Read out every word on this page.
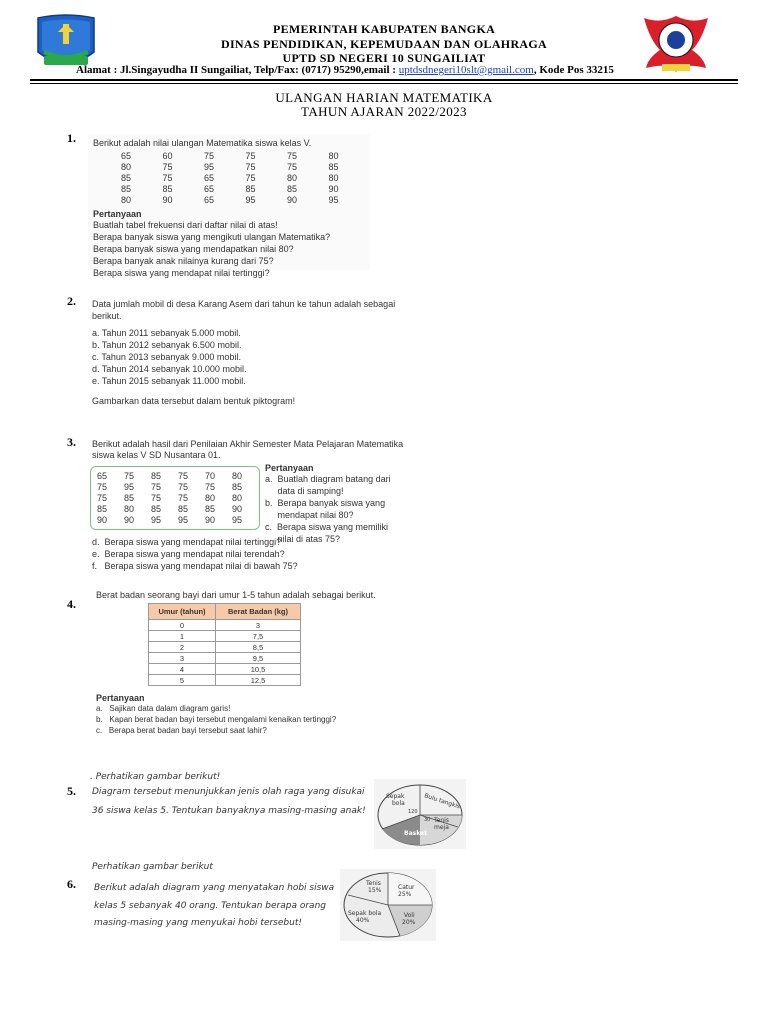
PEMERINTAH KABUPATEN BANGKA
DINAS PENDIDIKAN, KEPEMUDAAN DAN OLAHRAGA
UPTD SD NEGERI 10 SUNGAILIAT
Alamat : Jl.Singayudha II Sungailiat, Telp/Fax: (0717) 95290,email : uptdsdnegeri10slt@gmail.com, Kode Pos 33215
ULANGAN HARIAN MATEMATIKA
TAHUN AJARAN 2022/2023
1. Berikut adalah nilai ulangan Matematika siswa kelas V.
65	60	75	75	75	80
80	75	95	75	75	85
85	75	65	75	80	80
85	85	65	85	85	90
80	90	65	95	90	95
Pertanyaan
Buatlah tabel frekuensi dari daftar nilai di atas!
Berapa banyak siswa yang mengikuti ulangan Matematika?
Berapa banyak siswa yang mendapatkan nilai 80?
Berapa banyak anak nilainya kurang dari 75?
Berapa siswa yang mendapat nilai tertinggi?
2. Data jumlah mobil di desa Karang Asem dari tahun ke tahun adalah sebagai
berikut.
a. Tahun 2011 sebanyak 5.000 mobil.
b. Tahun 2012 sebanyak 6.500 mobil.
c. Tahun 2013 sebanyak 9.000 mobil.
d. Tahun 2014 sebanyak 10.000 mobil.
e. Tahun 2015 sebanyak 11.000 mobil.
Gambarkan data tersebut dalam bentuk piktogram!
3. Berikut adalah hasil dari Penilaian Akhir Semester Mata Pelajaran Matematika
siswa kelas V SD Nusantara 01.
65	75	85	75	70	80
75	95	75	75	75	85
75	85	75	75	80	80
85	80	85	85	85	90
90	90	95	95	90	95
Pertanyaan
a.  Buatlah diagram batang dari
data di samping!
b.  Berapa banyak siswa yang
mendapat nilai 80?
c.  Berapa siswa yang memiliki
nilai di atas 75?
d.  Berapa siswa yang mendapat nilai tertinggi?
e.  Berapa siswa yang mendapat nilai terendah?
f.   Berapa siswa yang mendapat nilai di bawah 75?
4.
Berat badan seorang bayi dari umur 1-5 tahun adalah sebagai berikut.
Umur (tahun)	Berat Badan (kg)
0	3
1	7,5
2	8,5
3	9,5
4	10,5
5	12,5
Pertanyaan
a.   Sajikan data dalam diagram garis!
b.   Kapan berat badan bayi tersebut mengalami kenaikan tertinggi?
c.   Berapa berat badan bayi tersebut saat lahir?
. Perhatikan gambar berikut!
5. Diagram tersebut menunjukkan jenis olah raga yang disukai
36 siswa kelas 5. Tentukan banyaknya masing-masing anak!
Sepak
bola	Bulu tangkis
Tenis
meja
Basket
120
30
Perhatikan gambar berikut
6. Berikut adalah diagram yang menyatakan hobi siswa
kelas 5 sebanyak 40 orang. Tentukan berapa orang
masing-masing yang menyukai hobi tersebut!
Tenis
15%	Catur
25%
Sepak bola
40%
Voli
20%
